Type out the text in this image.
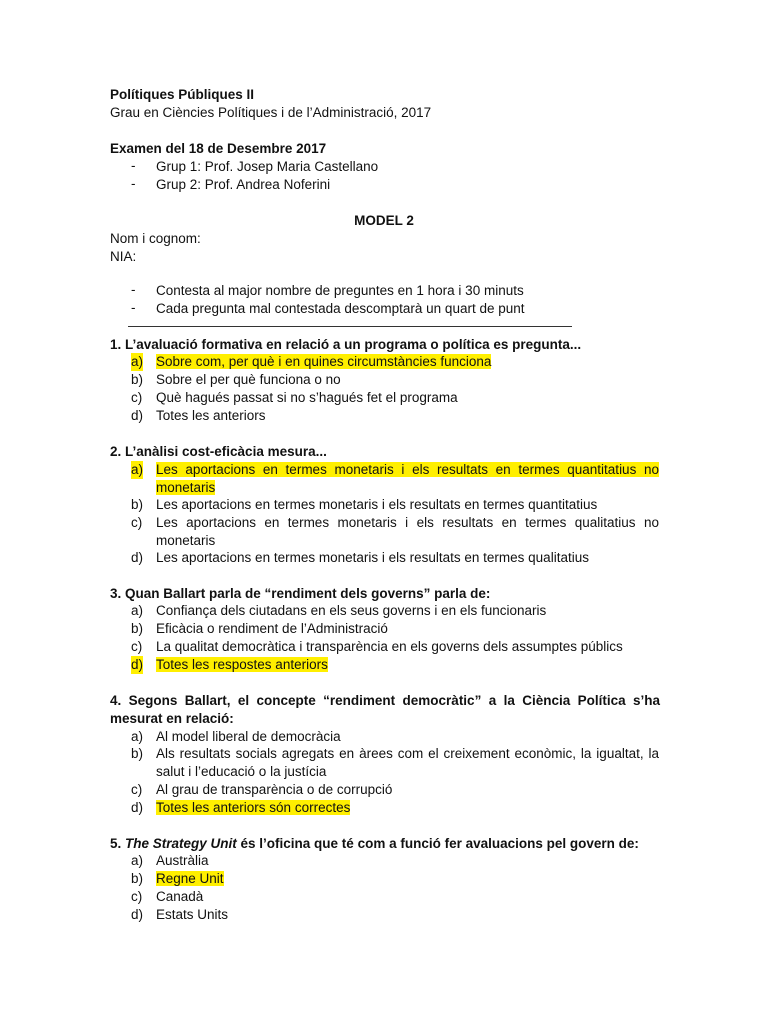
Polítiques Públiques II
Grau en Ciències Polítiques i de l’Administració, 2017
Examen del 18 de Desembre 2017
- Grup 1: Prof. Josep Maria Castellano
- Grup 2: Prof. Andrea Noferini
MODEL 2
Nom i cognom:
NIA:
- Contesta al major nombre de preguntes en 1 hora i 30 minuts
- Cada pregunta mal contestada descomptarà un quart de punt
1. L’avaluació formativa en relació a un programa o política es pregunta...
a) Sobre com, per què i en quines circumstàncies funciona
b) Sobre el per què funciona o no
c) Què hagués passat si no s’hagués fet el programa
d) Totes les anteriors
2. L’anàlisi cost-eficàcia mesura...
a) Les aportacions en termes monetaris i els resultats en termes quantitatius no monetaris
b) Les aportacions en termes monetaris i els resultats en termes quantitatius
c) Les aportacions en termes monetaris i els resultats en termes qualitatius no monetaris
d) Les aportacions en termes monetaris i els resultats en termes qualitatius
3. Quan Ballart parla de “rendiment dels governs” parla de:
a) Confiança dels ciutadans en els seus governs i en els funcionaris
b) Eficàcia o rendiment de l’Administració
c) La qualitat democràtica i transparència en els governs dels assumptes públics
d) Totes les respostes anteriors
4. Segons Ballart, el concepte “rendiment democràtic” a la Ciència Política s’ha mesurat en relació:
a) Al model liberal de democràcia
b) Als resultats socials agregats en àrees com el creixement econòmic, la igualtat, la salut i l’educació o la justícia
c) Al grau de transparència o de corrupció
d) Totes les anteriors són correctes
5. The Strategy Unit és l’oficina que té com a funció fer avaluacions pel govern de:
a) Austràlia
b) Regne Unit
c) Canadà
d) Estats Units
